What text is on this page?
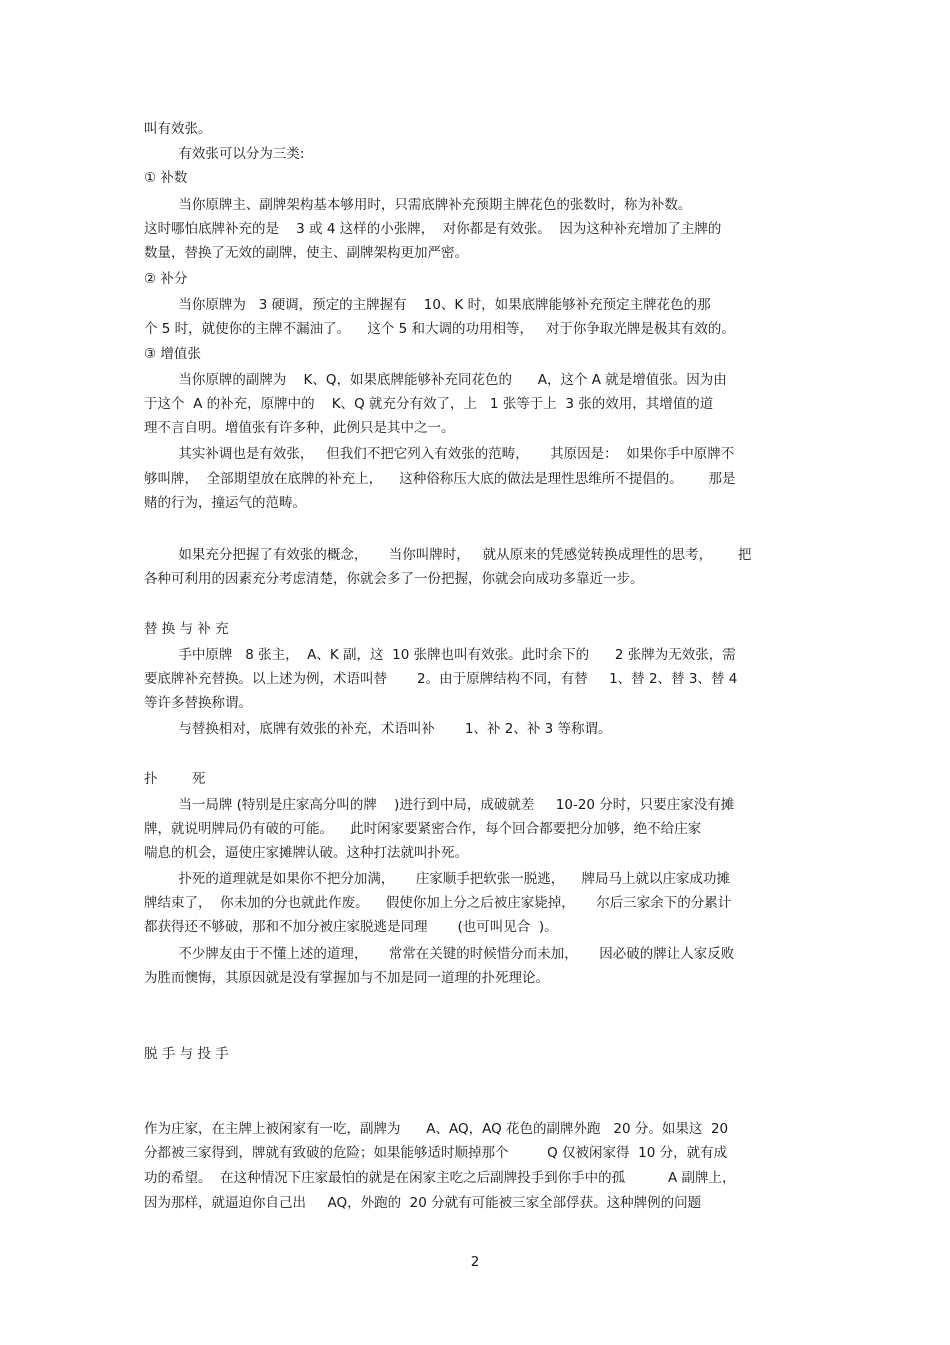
叫有效张。
有效张可以分为三类:
① 补数
当你原牌主、副牌架构基本够用时，只需底牌补充预期主牌花色的张数时，称为补数。
这时哪怕底牌补充的是    3 或 4 这样的小张牌，  对你都是有效张。  因为这种补充增加了主牌的
数量，替换了无效的副牌，使主、副牌架构更加严密。
② 补分
当你原牌为   3 硬调，预定的主牌握有    10、K 时，如果底牌能够补充预定主牌花色的那
个 5 时，就使你的主牌不漏油了。    这个 5 和大调的功用相等，   对于你争取光牌是极其有效的。
③ 增值张
当你原牌的副牌为    K、Q，如果底牌能够补充同花色的      A，这个 A 就是增值张。因为由
于这个  A 的补充，原牌中的    K、Q 就充分有效了，上   1 张等于上  3 张的效用，其增值的道
理不言自明。增值张有许多种，此例只是其中之一。
其实补调也是有效张，   但我们不把它列入有效张的范畴，     其原因是：  如果你手中原牌不
够叫牌，  全部期望放在底牌的补充上，    这种俗称压大底的做法是理性思维所不提倡的。      那是
赌的行为，撞运气的范畴。
如果充分把握了有效张的概念，     当你叫牌时，   就从原来的凭感觉转换成理性的思考，      把
各种可利用的因素充分考虑清楚，你就会多了一份把握，你就会向成功多靠近一步。
替 换 与 补 充
手中原牌   8 张主，  A、K 副，这  10 张牌也叫有效张。此时余下的      2 张牌为无效张，需
要底牌补充替换。以上述为例，术语叫替       2。由于原牌结构不同，有替     1、替 2、替 3、替 4
等许多替换称谓。
与替换相对，底牌有效张的补充，术语叫补       1、补 2、补 3 等称谓。
扑        死
当一局牌 (特别是庄家高分叫的牌    )进行到中局，成破就差     10-20 分时，只要庄家没有摊
牌，就说明牌局仍有破的可能。    此时闲家要紧密合作，每个回合都要把分加够，绝不给庄家
喘息的机会，逼使庄家摊牌认破。这种打法就叫扑死。
扑死的道理就是如果你不把分加满，     庄家顺手把软张一脱逃，    牌局马上就以庄家成功摊
牌结束了，  你未加的分也就此作废。    假使你加上分之后被庄家毙掉，     尔后三家余下的分累计
都获得还不够破，那和不加分被庄家脱逃是同理       (也可叫见合  )。
不少牌友由于不懂上述的道理，     常常在关键的时候惜分而未加，     因必破的牌让人家反败
为胜而懊悔，其原因就是没有掌握加与不加是同一道理的扑死理论。
脱 手 与 投 手
作为庄家，在主牌上被闲家有一吃，副牌为      A、AQ，AQ 花色的副牌外跑   20 分。如果这  20
分都被三家得到，牌就有致破的危险；如果能够适时顺掉那个         Q 仅被闲家得  10 分，就有成
功的希望。  在这种情况下庄家最怕的就是在闲家主吃之后副牌投手到你手中的孤          A 副牌上，
因为那样，就逼迫你自己出     AQ，外跑的  20 分就有可能被三家全部俘获。这种牌例的问题
2
